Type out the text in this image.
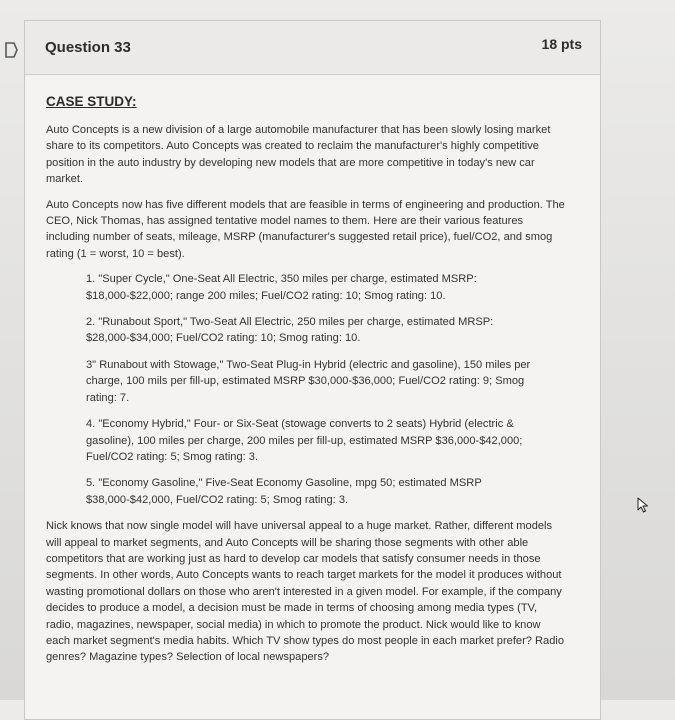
Question 33	18 pts
CASE STUDY:

Auto Concepts is a new division of a large automobile manufacturer that has been slowly losing market share to its competitors. Auto Concepts was created to reclaim the manufacturer's highly competitive position in the auto industry by developing new models that are more competitive in today's new car market.

Auto Concepts now has five different models that are feasible in terms of engineering and production. The CEO, Nick Thomas, has assigned tentative model names to them. Here are their various features including number of seats, mileage, MSRP (manufacturer's suggested retail price), fuel/CO2, and smog rating (1 = worst, 10 = best).

1. "Super Cycle," One-Seat All Electric, 350 miles per charge, estimated MSRP: $18,000-$22,000; range 200 miles; Fuel/CO2 rating: 10; Smog rating: 10.
2. "Runabout Sport," Two-Seat All Electric, 250 miles per charge, estimated MRSP: $28,000-$34,000; Fuel/CO2 rating: 10; Smog rating: 10.
3" Runabout with Stowage," Two-Seat Plug-in Hybrid (electric and gasoline), 150 miles per charge, 100 mils per fill-up, estimated MSRP $30,000-$36,000; Fuel/CO2 rating: 9; Smog rating: 7.
4. "Economy Hybrid," Four- or Six-Seat (stowage converts to 2 seats) Hybrid (electric & gasoline), 100 miles per charge, 200 miles per fill-up, estimated MSRP $36,000-$42,000; Fuel/CO2 rating: 5; Smog rating: 3.
5. "Economy Gasoline," Five-Seat Economy Gasoline, mpg 50; estimated MSRP $38,000-$42,000, Fuel/CO2 rating: 5; Smog rating: 3.

Nick knows that now single model will have universal appeal to a huge market. Rather, different models will appeal to market segments, and Auto Concepts will be sharing those segments with other able competitors that are working just as hard to develop car models that satisfy consumer needs in those segments. In other words, Auto Concepts wants to reach target markets for the model it produces without wasting promotional dollars on those who aren't interested in a given model. For example, if the company decides to produce a model, a decision must be made in terms of choosing among media types (TV, radio, magazines, newspaper, social media) in which to promote the product. Nick would like to know each market segment's media habits. Which TV show types do most people in each market prefer? Radio genres? Magazine types? Selection of local newspapers?
